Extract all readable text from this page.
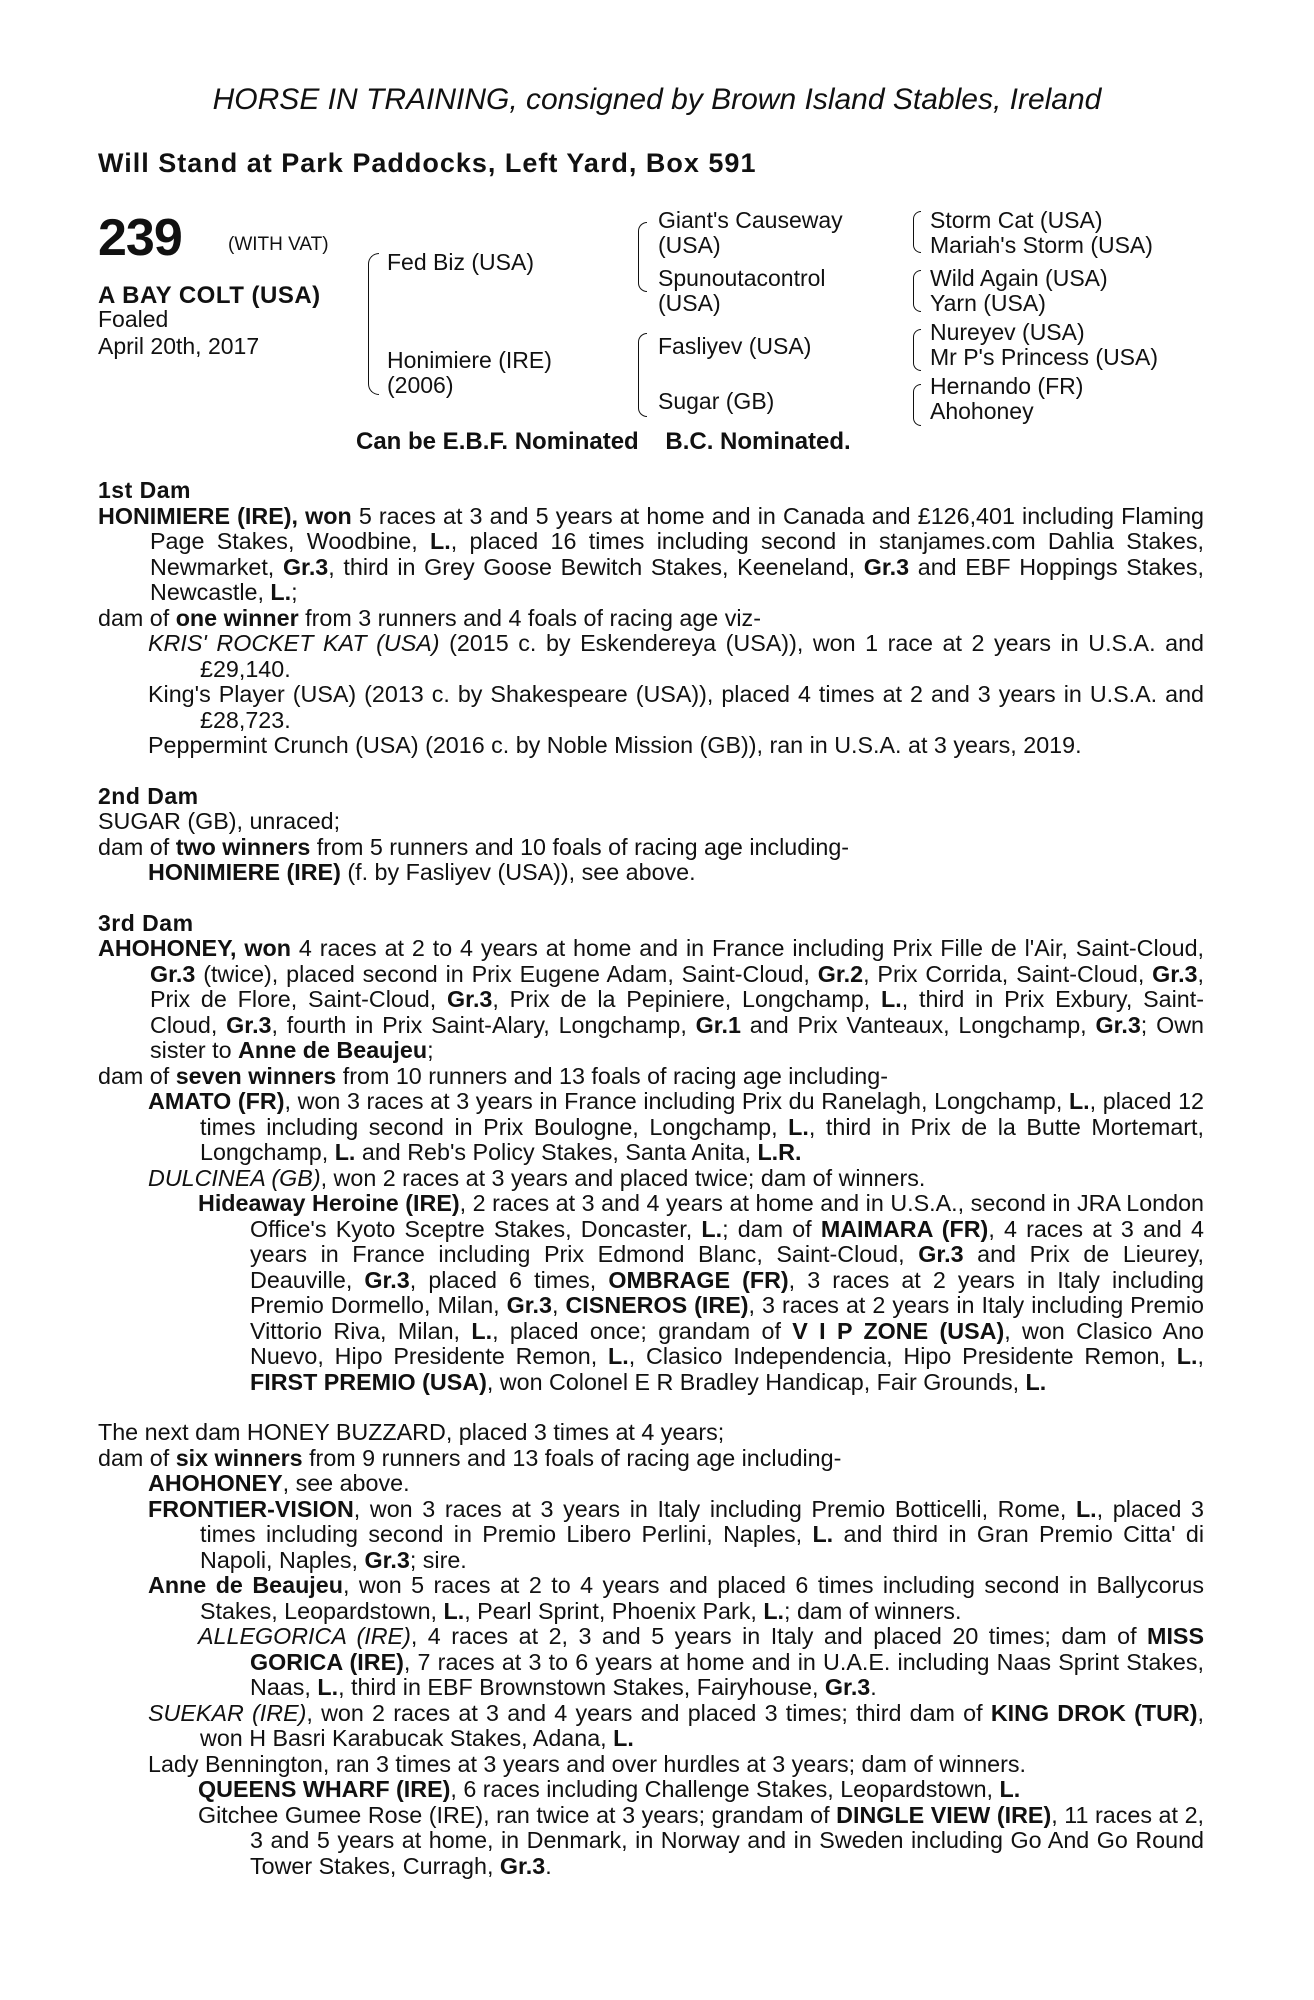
HORSE IN TRAINING, consigned by Brown Island Stables, Ireland
Will Stand at Park Paddocks, Left Yard, Box 591
239 (WITH VAT)
A BAY COLT (USA)
Foaled
April 20th, 2017
Fed Biz (USA)
Honimiere (IRE)
(2006)
Giant's Causeway
(USA)
Spunoutacontrol
(USA)
Fasliyev (USA)
Sugar (GB)
Storm Cat (USA)
Mariah's Storm (USA)
Wild Again (USA)
Yarn (USA)
Nureyev (USA)
Mr P's Princess (USA)
Hernando (FR)
Ahohoney
Can be E.B.F. Nominated    B.C. Nominated.

1st Dam

HONIMIERE (IRE), won 5 races at 3 and 5 years at home and in Canada and £126,401 including Flaming Page Stakes, Woodbine, L., placed 16 times including second in stanjames.com Dahlia Stakes, Newmarket, Gr.3, third in Grey Goose Bewitch Stakes, Keeneland, Gr.3 and EBF Hoppings Stakes, Newcastle, L.;

dam of one winner from 3 runners and 4 foals of racing age viz-

KRIS' ROCKET KAT (USA) (2015 c. by Eskendereya (USA)), won 1 race at 2 years in U.S.A. and £29,140.

King's Player (USA) (2013 c. by Shakespeare (USA)), placed 4 times at 2 and 3 years in U.S.A. and £28,723.

Peppermint Crunch (USA) (2016 c. by Noble Mission (GB)), ran in U.S.A. at 3 years, 2019.

2nd Dam

SUGAR (GB), unraced;

dam of two winners from 5 runners and 10 foals of racing age including-

HONIMIERE (IRE) (f. by Fasliyev (USA)), see above.

3rd Dam

AHOHONEY, won 4 races at 2 to 4 years at home and in France including Prix Fille de l'Air, Saint-Cloud, Gr.3 (twice), placed second in Prix Eugene Adam, Saint-Cloud, Gr.2, Prix Corrida, Saint-Cloud, Gr.3, Prix de Flore, Saint-Cloud, Gr.3, Prix de la Pepiniere, Longchamp, L., third in Prix Exbury, Saint-Cloud, Gr.3, fourth in Prix Saint-Alary, Longchamp, Gr.1 and Prix Vanteaux, Longchamp, Gr.3; Own sister to Anne de Beaujeu;

dam of seven winners from 10 runners and 13 foals of racing age including-

AMATO (FR), won 3 races at 3 years in France including Prix du Ranelagh, Longchamp, L., placed 12 times including second in Prix Boulogne, Longchamp, L., third in Prix de la Butte Mortemart, Longchamp, L. and Reb's Policy Stakes, Santa Anita, L.R.

DULCINEA (GB), won 2 races at 3 years and placed twice; dam of winners.

Hideaway Heroine (IRE), 2 races at 3 and 4 years at home and in U.S.A., second in JRA London Office's Kyoto Sceptre Stakes, Doncaster, L.; dam of MAIMARA (FR), 4 races at 3 and 4 years in France including Prix Edmond Blanc, Saint-Cloud, Gr.3 and Prix de Lieurey, Deauville, Gr.3, placed 6 times, OMBRAGE (FR), 3 races at 2 years in Italy including Premio Dormello, Milan, Gr.3, CISNEROS (IRE), 3 races at 2 years in Italy including Premio Vittorio Riva, Milan, L., placed once; grandam of V I P ZONE (USA), won Clasico Ano Nuevo, Hipo Presidente Remon, L., Clasico Independencia, Hipo Presidente Remon, L., FIRST PREMIO (USA), won Colonel E R Bradley Handicap, Fair Grounds, L.

The next dam HONEY BUZZARD, placed 3 times at 4 years;

dam of six winners from 9 runners and 13 foals of racing age including-

AHOHONEY, see above.

FRONTIER-VISION, won 3 races at 3 years in Italy including Premio Botticelli, Rome, L., placed 3 times including second in Premio Libero Perlini, Naples, L. and third in Gran Premio Citta' di Napoli, Naples, Gr.3; sire.

Anne de Beaujeu, won 5 races at 2 to 4 years and placed 6 times including second in Ballycorus Stakes, Leopardstown, L., Pearl Sprint, Phoenix Park, L.; dam of winners.

ALLEGORICA (IRE), 4 races at 2, 3 and 5 years in Italy and placed 20 times; dam of MISS GORICA (IRE), 7 races at 3 to 6 years at home and in U.A.E. including Naas Sprint Stakes, Naas, L., third in EBF Brownstown Stakes, Fairyhouse, Gr.3.

SUEKAR (IRE), won 2 races at 3 and 4 years and placed 3 times; third dam of KING DROK (TUR), won H Basri Karabucak Stakes, Adana, L.

Lady Bennington, ran 3 times at 3 years and over hurdles at 3 years; dam of winners.

QUEENS WHARF (IRE), 6 races including Challenge Stakes, Leopardstown, L.

Gitchee Gumee Rose (IRE), ran twice at 3 years; grandam of DINGLE VIEW (IRE), 11 races at 2, 3 and 5 years at home, in Denmark, in Norway and in Sweden including Go And Go Round Tower Stakes, Curragh, Gr.3.
